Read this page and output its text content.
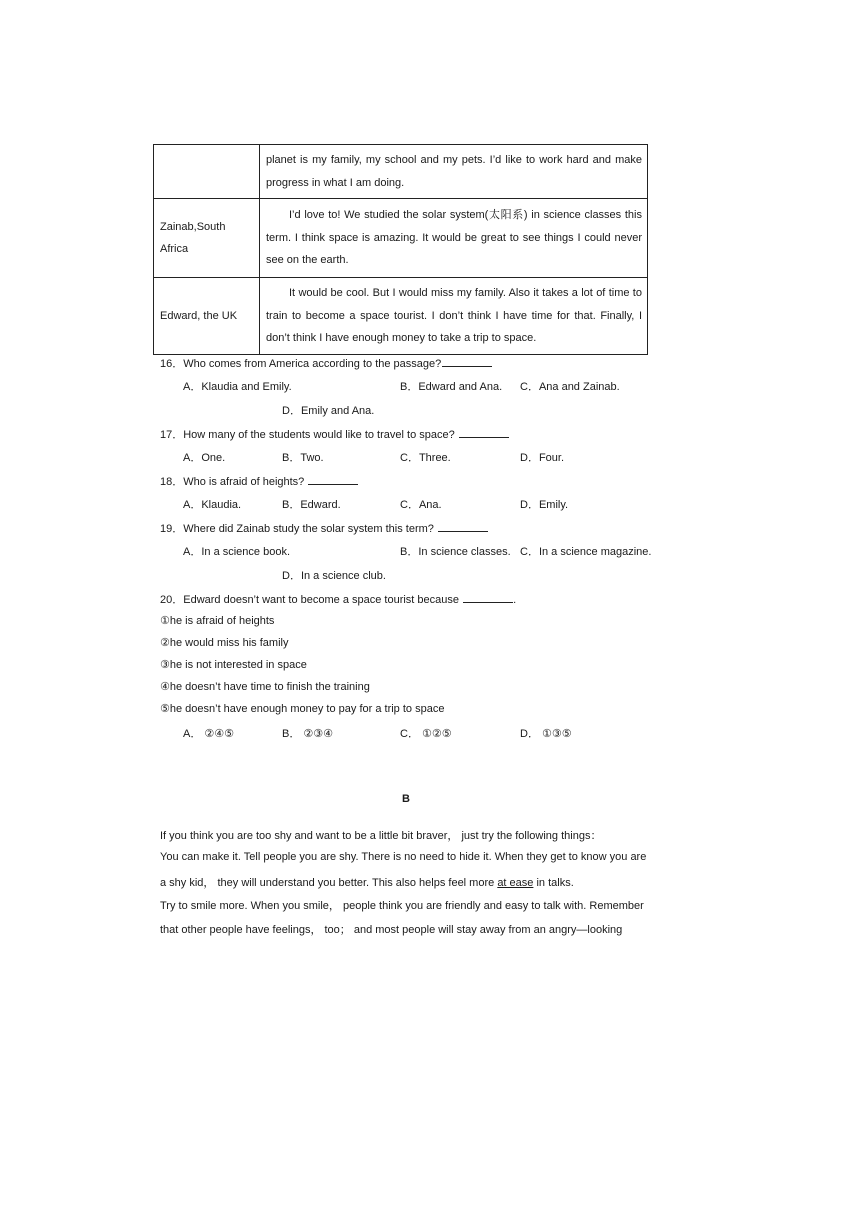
	planet is my family, my school and my pets. I’d like to work hard and make progress in what I am doing.
Zainab,South Africa	I’d love to! We studied the solar system(太阳系) in science classes this term. I think space is amazing. It would be great to see things I could never see on the earth.
Edward, the UK	It would be cool. But I would miss my family. Also it takes a lot of time to train to become a space tourist. I don’t think I have time for that. Finally, I don’t think I have enough money to take a trip to space.
16．Who comes from America according to the passage?
A．Klaudia and Emily.	B．Edward and Ana. C．Ana and Zainab.
D．Emily and Ana.
17．How many of the students would like to travel to space?
A．One.	B．Two.	C．Three.	D．Four.
18．Who is afraid of heights?
A．Klaudia.	B．Edward.	C．Ana.	D．Emily.
19．Where did Zainab study the solar system this term?
A．In a science book.	B．In science classes. C．In a science magazine.
D．In a science club.
20．Edward doesn’t want to become a space tourist because	.
①he is afraid of heights
②he would miss his family
③he is not interested in space
④he doesn’t have time to finish the training
⑤he doesn’t have enough money to pay for a trip to space
A． ②④⑤	B． ②③④	C． ①②⑤	D． ①③⑤
B
If you think you are too shy and want to be a little bit braver， just try the following things：
You can make it. Tell people you are shy. There is no need to hide it. When they get to know you are
a shy kid， they will understand you better. This also helps feel more at ease in talks.
Try to smile more. When you smile， people think you are friendly and easy to talk with. Remember
that other people have feelings， too； and most people will stay away from an angry—looking
